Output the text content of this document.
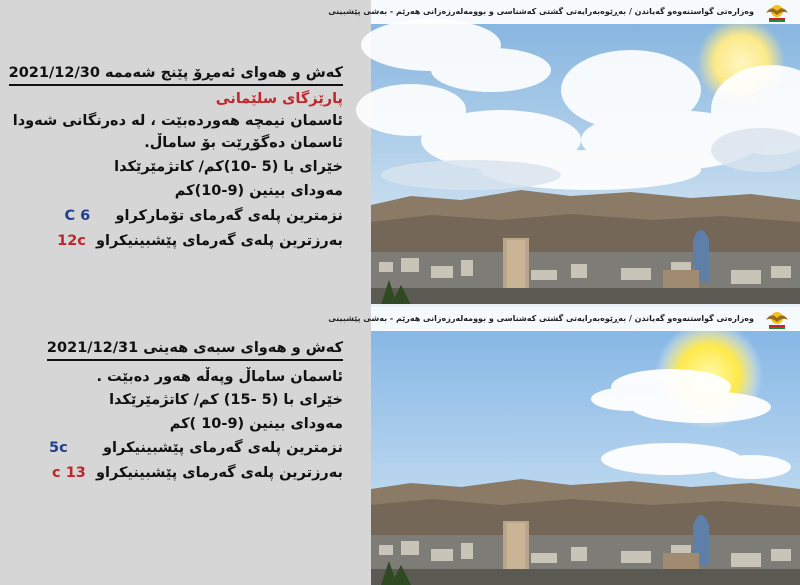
کەش و هەوای ئەمڕۆ پێنج شەممە 2021/12/30
پارێزگای سلێمانی
ئاسمان نیمچە هەوردەبێت ، لە دەرنگانی شەودا
ئاسمان دەگۆڕێت بۆ ساماڵ.
خێرای با (5 -10)کم/ کاتژمێرێکدا
مەودای بینین (9-10)کم
نزمترین پلەی گەرمای تۆمارکراو     6 C
بەرزترین پلەی گەرمای پێشبینیکراو  12c
کەش و هەوای سبەی هەینی 2021/12/31
ئاسمان ساماڵ وپەڵە هەور دەبێت .
خێرای با (5 -15) کم/ کاتژمێرێکدا
مەودای بینین (9-10 )کم
نزمترین پلەی گەرمای پێشبینیکراو       5c
بەرزترین پلەی گەرمای پێشبینیکراو  13 c
وەزارەتی گواستنەوەو گەیاندن / بەڕێوەبەرایەتی گشتی کەشناسی و بوومەلەرزەزانی هەرێم - بەشی پێشبینی
وەزارەتی گواستنەوەو گەیاندن / بەڕێوەبەرایەتی گشتی کەشناسی و بوومەلەرزەزانی هەرێم - بەشی پێشبینی
